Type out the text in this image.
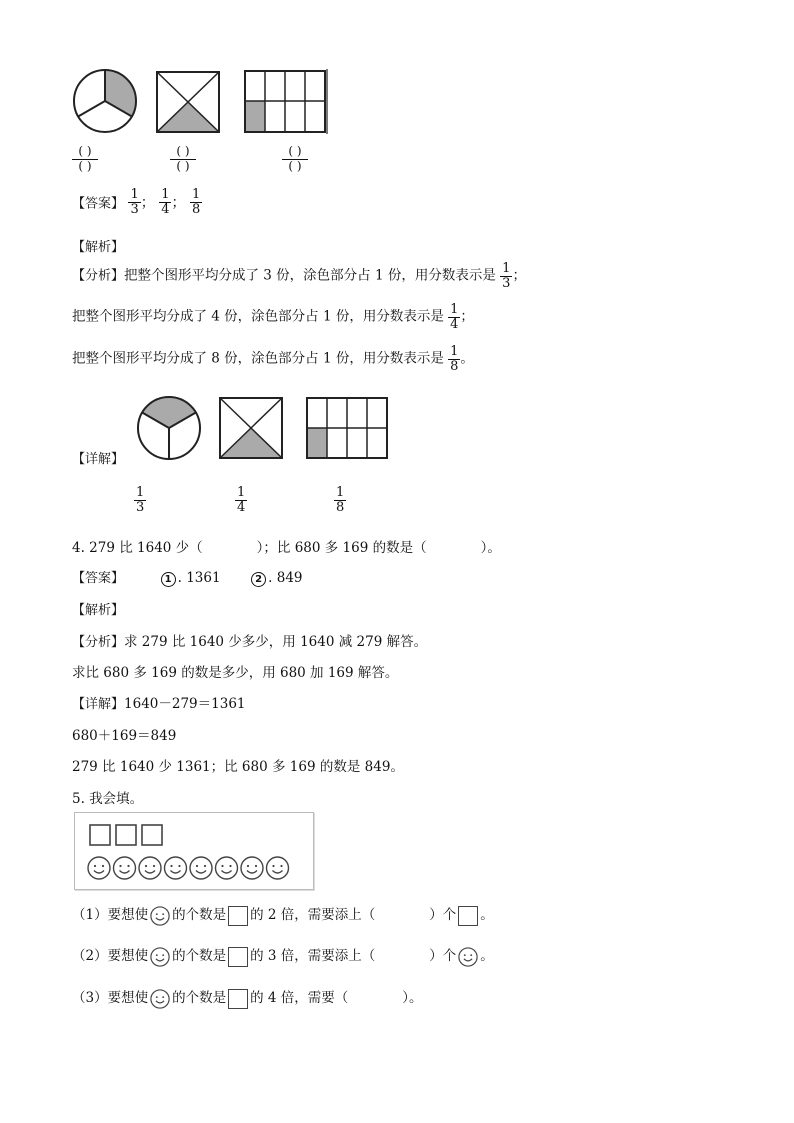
( )
( )
( )
( )
( )
( )
【答案】 $\frac{1}{3}$ ； $\frac{1}{4}$ ； $\frac{1}{8}$
【解析】
【分析】把整个图形平均分成了 3 份，涂色部分占 1 份，用分数表示是 $\frac{1}{3}$ ；
把整个图形平均分成了 4 份，涂色部分占 1 份，用分数表示是 $\frac{1}{4}$ ；
把整个图形平均分成了 8 份，涂色部分占 1 份，用分数表示是 $\frac{1}{8}$ 。
【详解】
$\frac{1}{3}$	$\frac{1}{4}$	$\frac{1}{8}$
4. 279 比 1640 少（　　　　）；比 680 多 169 的数是（　　　　）。
【答案】	1 . 1361	2 . 849
【解析】
【分析】求 279 比 1640 少多少，用 1640 减 279 解答。
求比 680 多 169 的数是多少，用 680 加 169 解答。
【详解】1640－279＝1361
680＋169＝849
279 比 1640 少 1361；比 680 多 169 的数是 849。
5. 我会填。
（1）要想使 的个数是 的 2 倍，需要添上（　　　　）个 。
（2）要想使 的个数是 的 3 倍，需要添上（　　　　）个 。
（3）要想使 的个数是 的 4 倍，需要（　　　　）。
